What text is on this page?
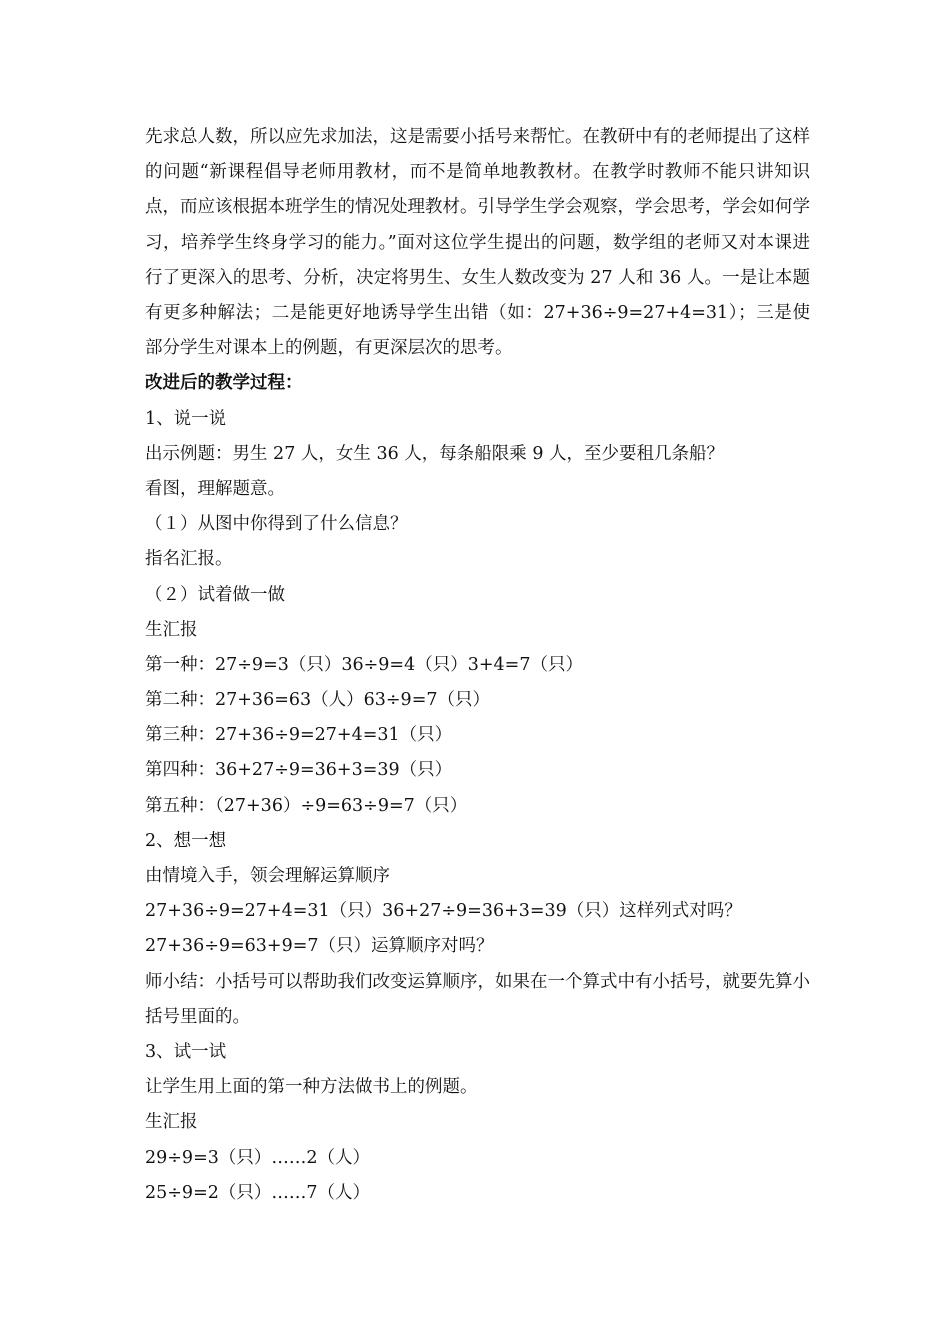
先求总人数，所以应先求加法，这是需要小括号来帮忙。在教研中有的老师提出了这样的问题“新课程倡导老师用教材，而不是简单地教教材。在教学时教师不能只讲知识点，而应该根据本班学生的情况处理教材。引导学生学会观察，学会思考，学会如何学习，培养学生终身学习的能力。”面对这位学生提出的问题，数学组的老师又对本课进行了更深入的思考、分析，决定将男生、女生人数改变为 27 人和 36 人。一是让本题有更多种解法；二是能更好地诱导学生出错（如：27+36÷9=27+4=31）；三是使部分学生对课本上的例题，有更深层次的思考。

改进后的教学过程：

1、说一说

出示例题：男生 27 人，女生 36 人，每条船限乘 9 人，至少要租几条船？

看图，理解题意。

（１）从图中你得到了什么信息？

指名汇报。

（２）试着做一做

生汇报

第一种：27÷9=3（只）36÷9=4（只）3+4=7（只）

第二种：27+36=63（人）63÷9=7（只）

第三种：27+36÷9=27+4=31（只）

第四种：36+27÷9=36+3=39（只）

第五种：（27+36）÷9=63÷9=7（只）

2、想一想

由情境入手，领会理解运算顺序

27+36÷9=27+4=31（只）36+27÷9=36+3=39（只）这样列式对吗？

27+36÷9=63+9=7（只）运算顺序对吗？

师小结：小括号可以帮助我们改变运算顺序，如果在一个算式中有小括号，就要先算小括号里面的。

3、试一试

让学生用上面的第一种方法做书上的例题。

生汇报

29÷9=3（只）……2（人）

25÷9=2（只）……7（人）
